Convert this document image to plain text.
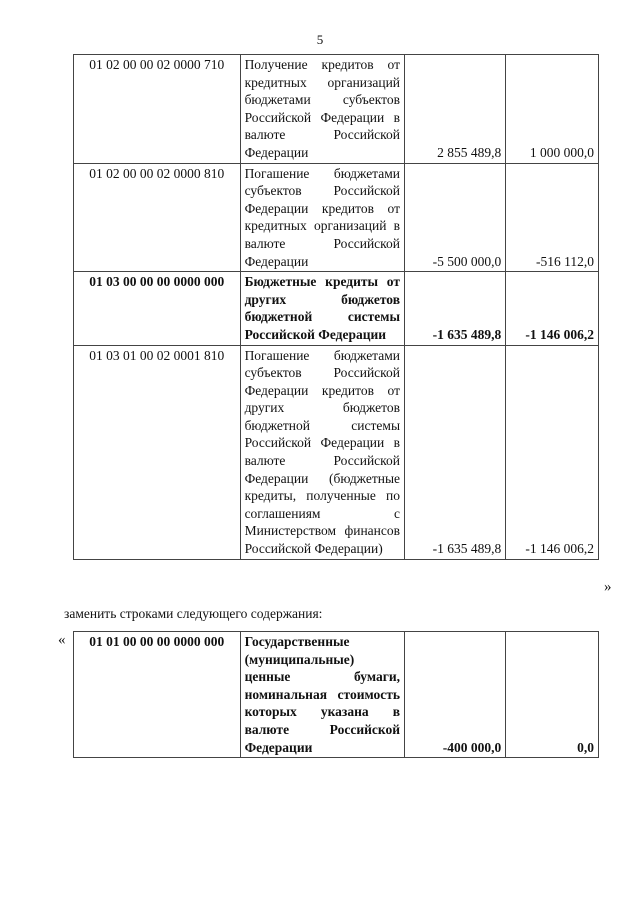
5
01 02 00 00 02 0000 710	Получение кредитов от кредитных организаций бюджетами субъектов Российской Федерации в валюте Российской Федерации	2 855 489,8	1 000 000,0
01 02 00 00 02 0000 810	Погашение бюджетами субъектов Российской Федерации кредитов от кредитных организаций в валюте Российской Федерации	-5 500 000,0	-516 112,0
01 03 00 00 00 0000 000	Бюджетные кредиты от других бюджетов бюджетной системы Российской Федерации	-1 635 489,8	-1 146 006,2
01 03 01 00 02 0001 810	Погашение бюджетами субъектов Российской Федерации кредитов от других бюджетов бюджетной системы Российской Федерации в валюте Российской Федерации (бюджетные кредиты, полученные по соглашениям с Министерством финансов Российской Федерации)	-1 635 489,8	-1 146 006,2
»
заменить строками следующего содержания:
« 01 01 00 00 00 0000 000	Государственные (муниципальные) ценные бумаги, номинальная стоимость которых указана в валюте Российской Федерации	-400 000,0	0,0
